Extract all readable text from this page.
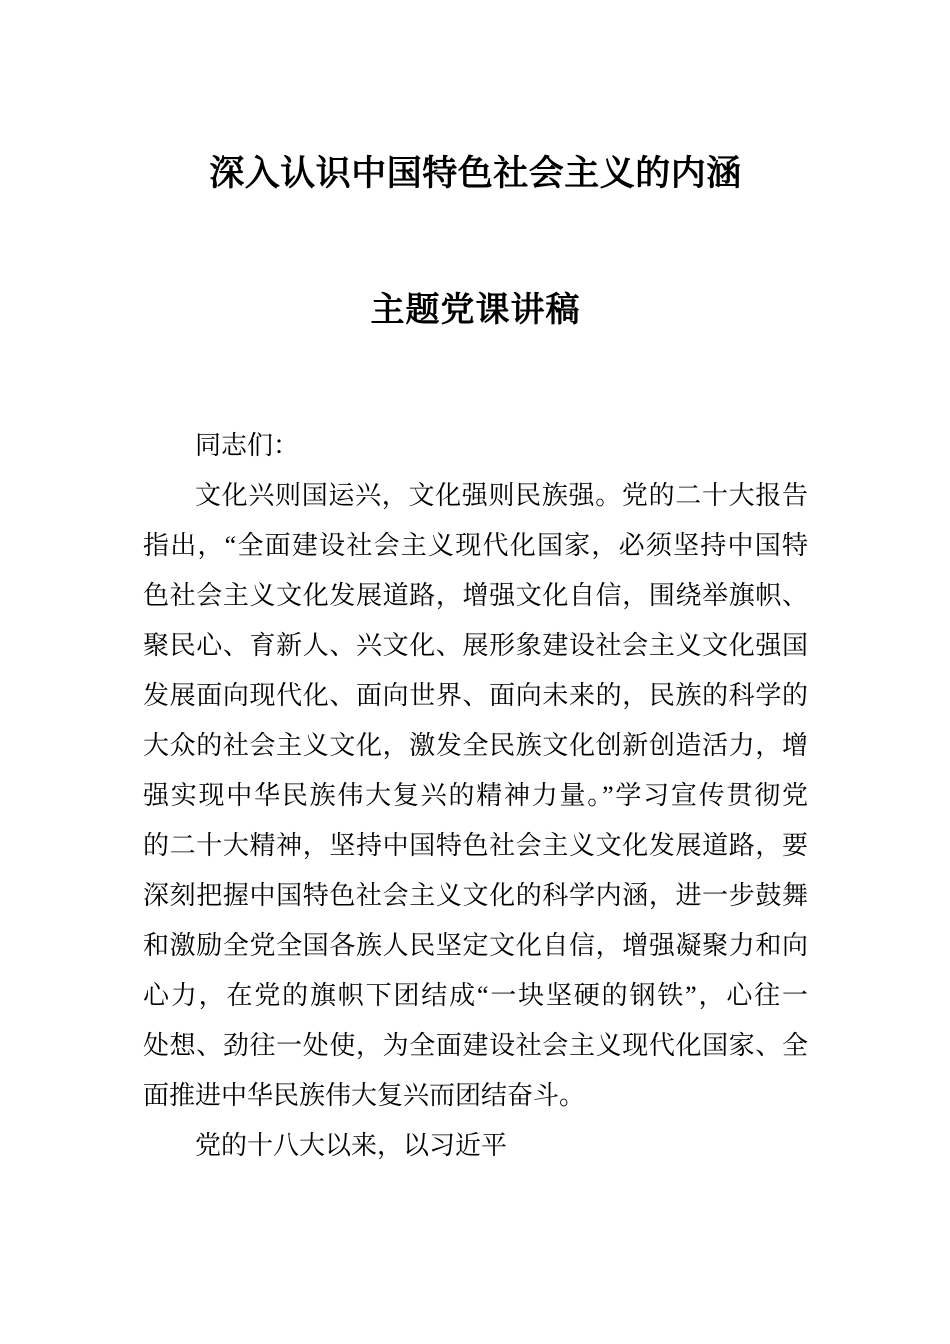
深入认识中国特色社会主义的内涵
主题党课讲稿
同志们：
文化兴则国运兴，文化强则民族强。党的二十大报告
指出，“全面建设社会主义现代化国家，必须坚持中国特
色社会主义文化发展道路，增强文化自信，围绕举旗帜、
聚民心、育新人、兴文化、展形象建设社会主义文化强国
发展面向现代化、面向世界、面向未来的，民族的科学的
大众的社会主义文化，激发全民族文化创新创造活力，增
强实现中华民族伟大复兴的精神力量。”学习宣传贯彻党
的二十大精神，坚持中国特色社会主义文化发展道路，要
深刻把握中国特色社会主义文化的科学内涵，进一步鼓舞
和激励全党全国各族人民坚定文化自信，增强凝聚力和向
心力，在党的旗帜下团结成“一块坚硬的钢铁”，心往一
处想、劲往一处使，为全面建设社会主义现代化国家、全
面推进中华民族伟大复兴而团结奋斗。
党的十八大以来，以习近平
